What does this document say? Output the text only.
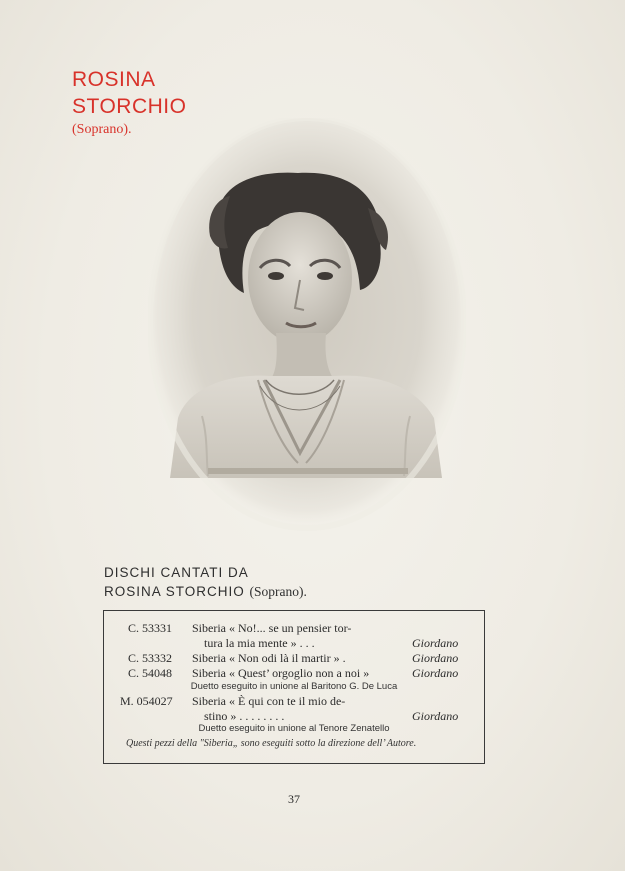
ROSINA
STORCHIO
(Soprano).
DISCHI CANTATI DA
ROSINA STORCHIO (Soprano).
C. 53331 Siberia « No!... se un pensier tor-
tura la mia mente » . . .	Giordano
C. 53332 Siberia « Non odi là il martir » .	Giordano
C. 54048 Siberia « Quest’ orgoglio non a noi »	Giordano
Duetto eseguito in unione al Baritono G. De Luca
M. 054027 Siberia « È qui con te il mio de-
stino » . . . . . . . .	Giordano
Duetto eseguito in unione al Tenore Zenatello
Questi pezzi della "Siberia„ sono eseguiti sotto la direzione dell’ Autore.
37
